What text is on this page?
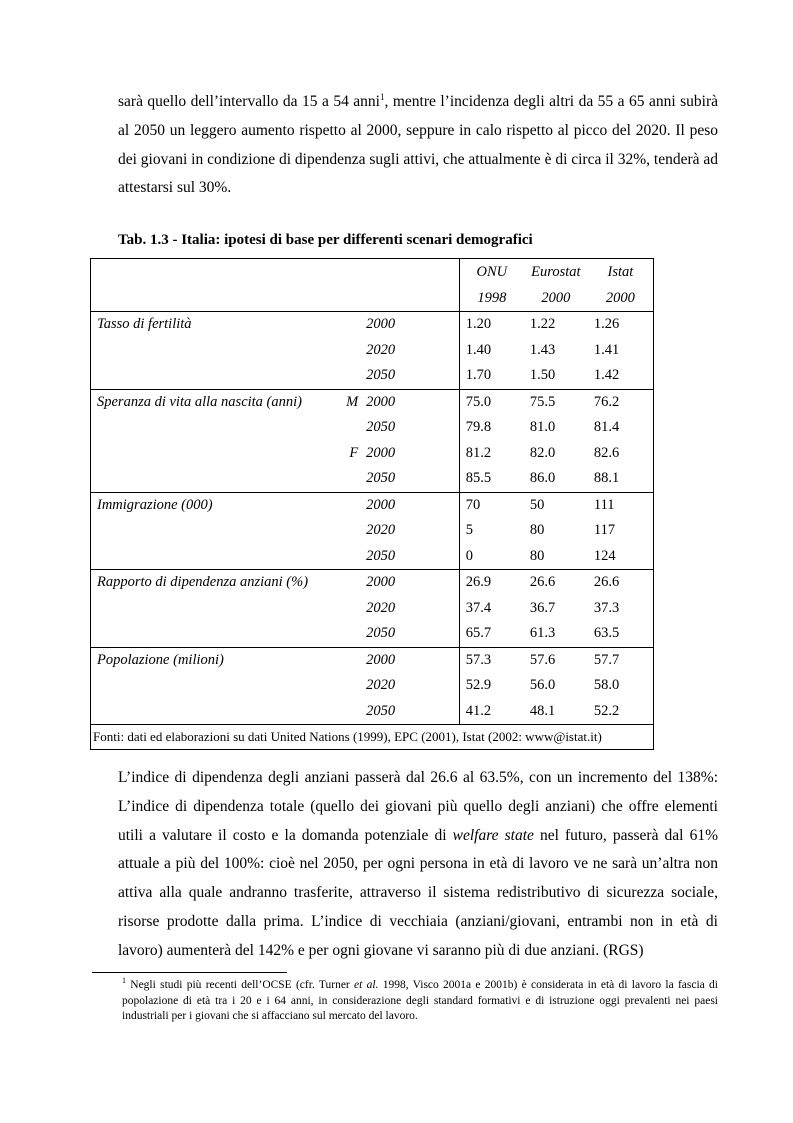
sarà quello dell’intervallo da 15 a 54 anni$^1$, mentre l’incidenza degli altri da 55 a 65 anni subirà al 2050 un leggero aumento rispetto al 2000, seppure in calo rispetto al picco del 2020. Il peso dei giovani in condizione di dipendenza sugli attivi, che attualmente è di circa il 32%, tenderà ad attestarsi sul 30%.
Tab. 1.3 - Italia: ipotesi di base per differenti scenari demografici
			ONU	Eurostat	Istat
			1998	2000	2000
Tasso di fertilità		2000	1.20	1.22	1.26
		2020	1.40	1.43	1.41
		2050	1.70	1.50	1.42
Speranza di vita alla nascita (anni)	M	2000	75.0	75.5	76.2
		2050	79.8	81.0	81.4
	F	2000	81.2	82.0	82.6
		2050	85.5	86.0	88.1
Immigrazione (000)		2000	70	50	111
		2020	5	80	117
		2050	0	80	124
Rapporto di dipendenza anziani (%)		2000	26.9	26.6	26.6
		2020	37.4	36.7	37.3
		2050	65.7	61.3	63.5
Popolazione (milioni)		2000	57.3	57.6	57.7
		2020	52.9	56.0	58.0
		2050	41.2	48.1	52.2
Fonti: dati ed elaborazioni su dati United Nations (1999), EPC (2001), Istat (2002: www@istat.it)					
L’indice di dipendenza degli anziani passerà dal 26.6 al 63.5%, con un incremento del 138%: L’indice di dipendenza totale (quello dei giovani più quello degli anziani) che offre elementi utili a valutare il costo e la domanda potenziale di welfare state nel futuro, passerà dal 61% attuale a più del 100%: cioè nel 2050, per ogni persona in età di lavoro ve ne sarà un’altra non attiva alla quale andranno trasferite, attraverso il sistema redistributivo di sicurezza sociale, risorse prodotte dalla prima. L’indice di vecchiaia (anziani/giovani, entrambi non in età di lavoro) aumenterà del 142% e per ogni giovane vi saranno più di due anziani. (RGS)
$^1$ Negli studi più recenti dell’OCSE (cfr. Turner et al. 1998, Visco 2001a e 2001b) è considerata in età di lavoro la fascia di popolazione di età tra i 20 e i 64 anni, in considerazione degli standard formativi e di istruzione oggi prevalenti nei paesi industriali per i giovani che si affacciano sul mercato del lavoro.
